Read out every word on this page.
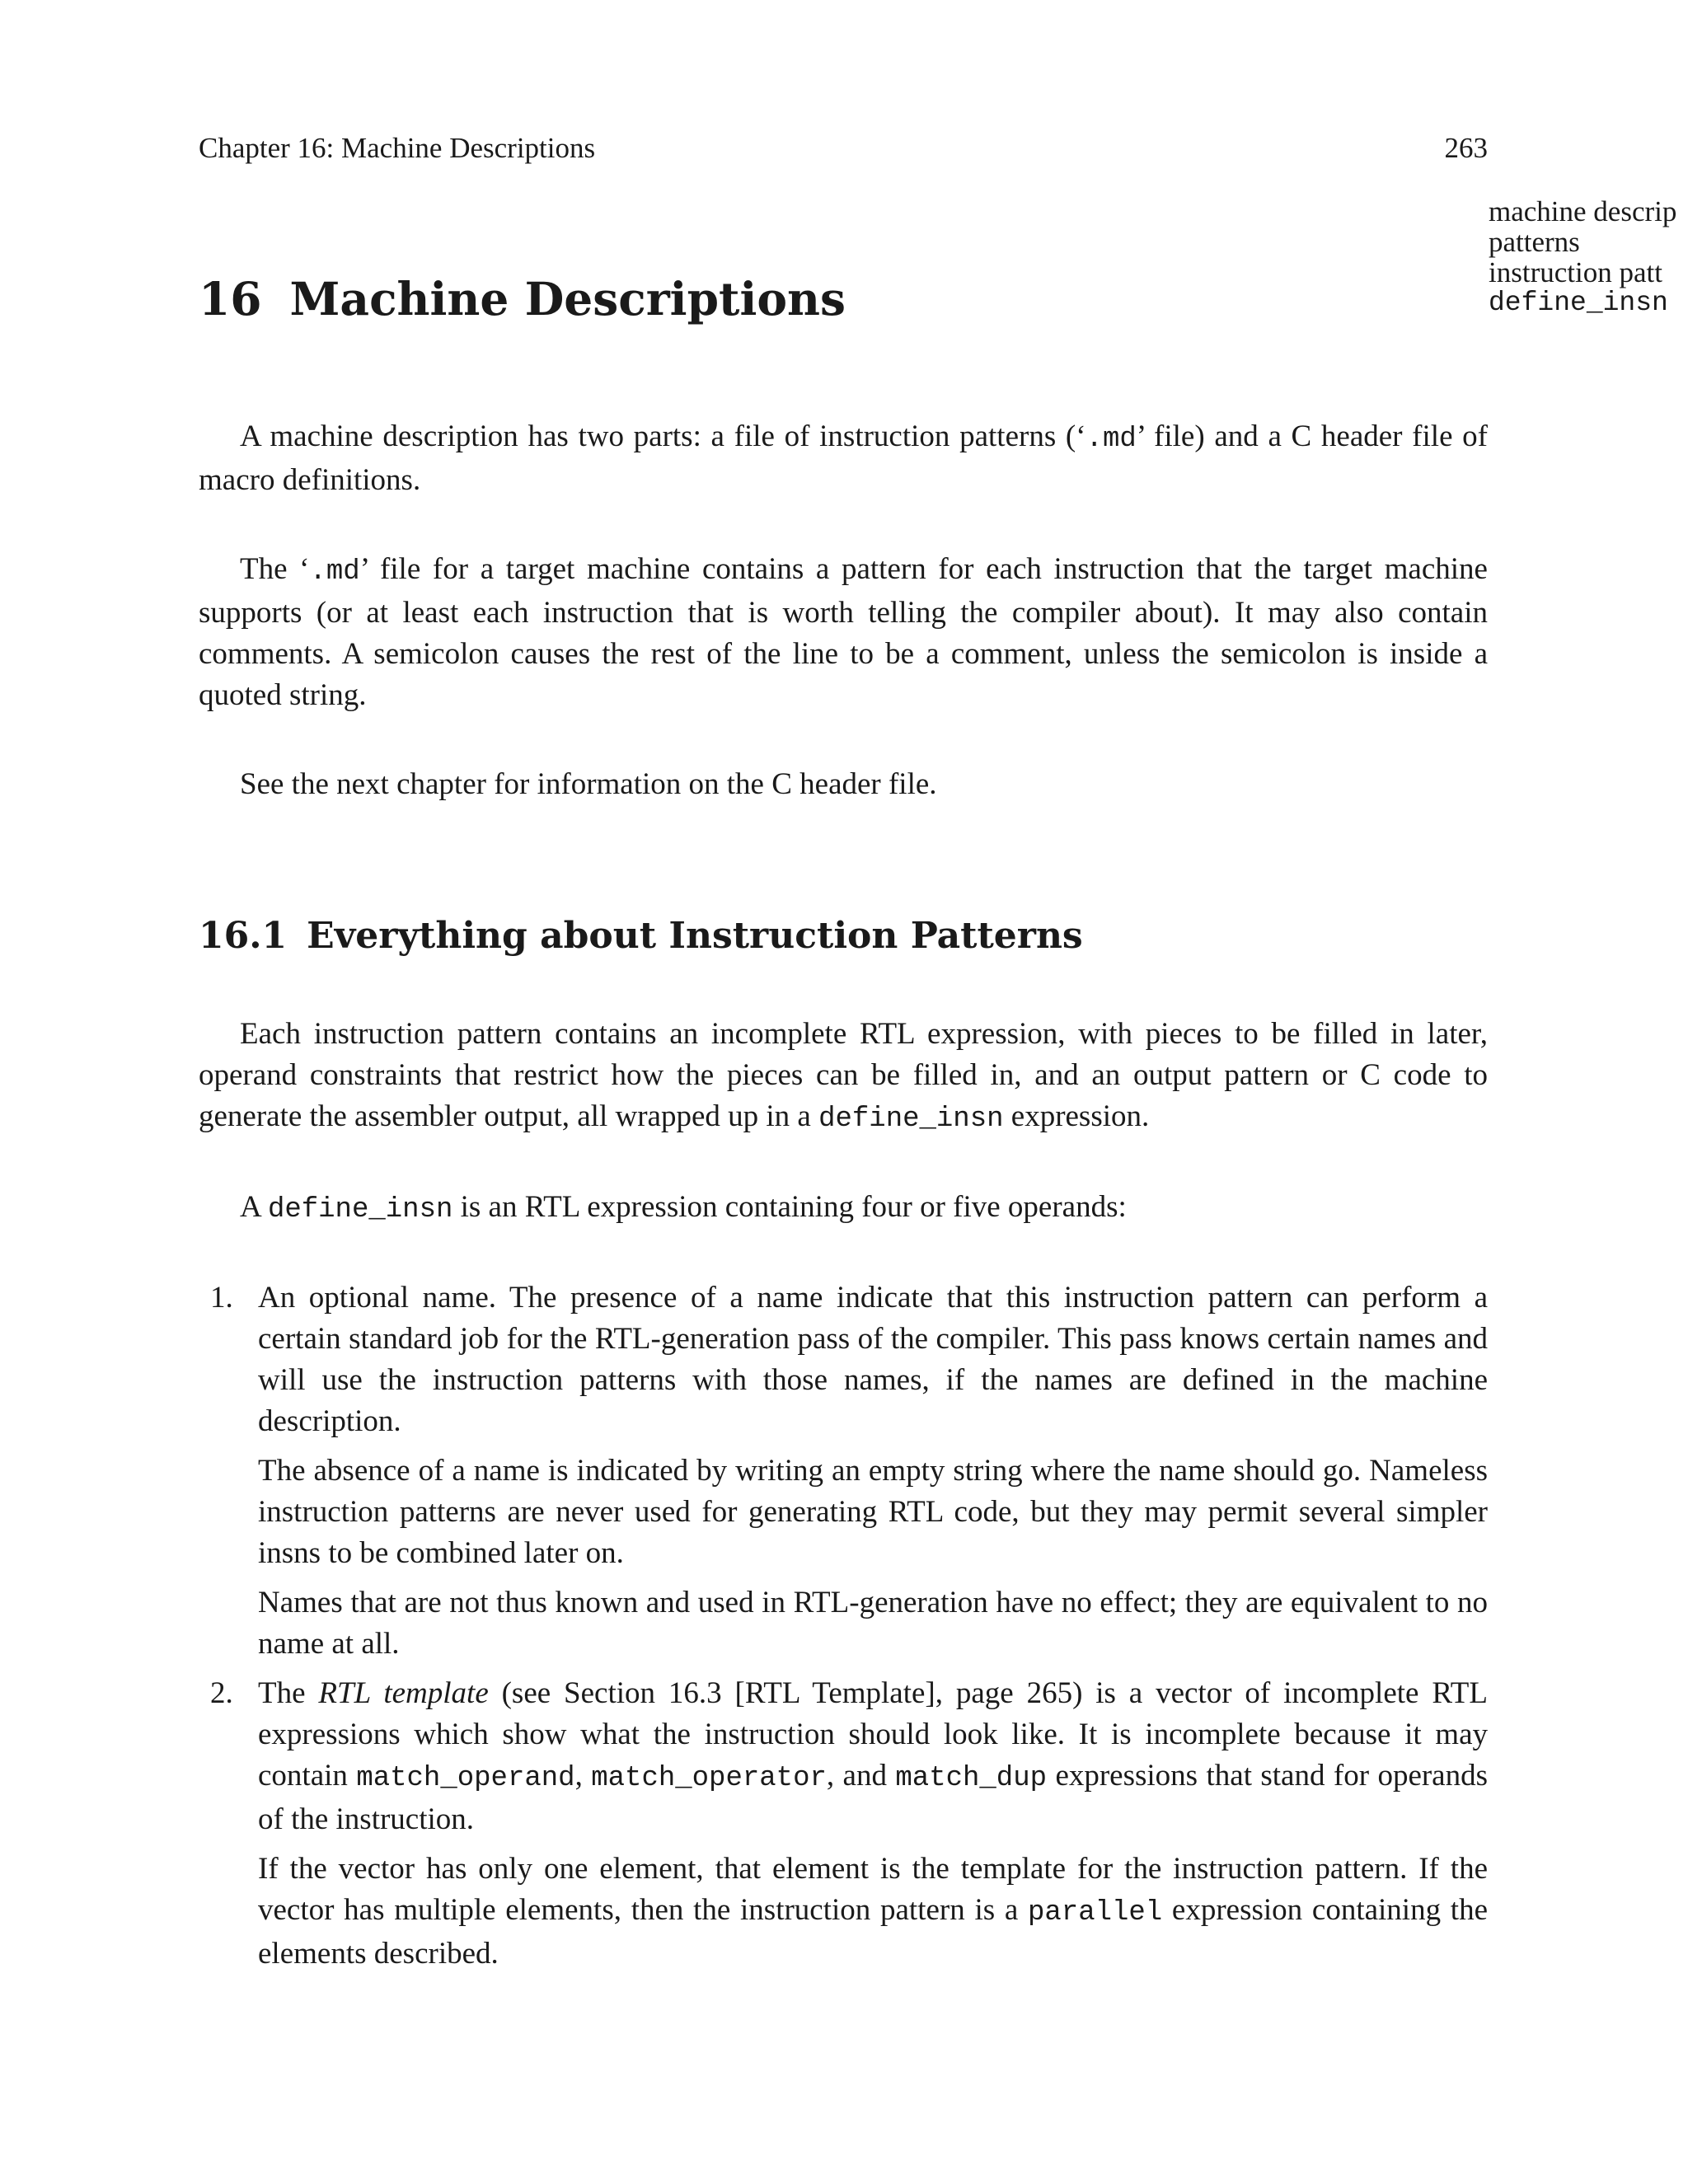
Chapter 16: Machine Descriptions	263
machine descrip
patterns
instruction patt
define_insn
16 Machine Descriptions

A machine description has two parts: a file of instruction patterns (‘.md’ file) and a C header file of macro definitions.

The ‘.md’ file for a target machine contains a pattern for each instruction that the target machine supports (or at least each instruction that is worth telling the compiler about). It may also contain comments. A semicolon causes the rest of the line to be a comment, unless the semicolon is inside a quoted string.

See the next chapter for information on the C header file.

16.1 Everything about Instruction Patterns

Each instruction pattern contains an incomplete RTL expression, with pieces to be filled in later, operand constraints that restrict how the pieces can be filled in, and an output pattern or C code to generate the assembler output, all wrapped up in a define_insn expression.

A define_insn is an RTL expression containing four or five operands:

1. An optional name. The presence of a name indicate that this instruction pattern can perform a certain standard job for the RTL-generation pass of the compiler. This pass knows certain names and will use the instruction patterns with those names, if the names are defined in the machine description.

The absence of a name is indicated by writing an empty string where the name should go. Nameless instruction patterns are never used for generating RTL code, but they may permit several simpler insns to be combined later on.

Names that are not thus known and used in RTL-generation have no effect; they are equivalent to no name at all.

2. The RTL template (see Section 16.3 [RTL Template], page 265) is a vector of incomplete RTL expressions which show what the instruction should look like. It is incomplete because it may contain match_operand, match_operator, and match_dup expressions that stand for operands of the instruction.

If the vector has only one element, that element is the template for the instruction pattern. If the vector has multiple elements, then the instruction pattern is a parallel expression containing the elements described.
